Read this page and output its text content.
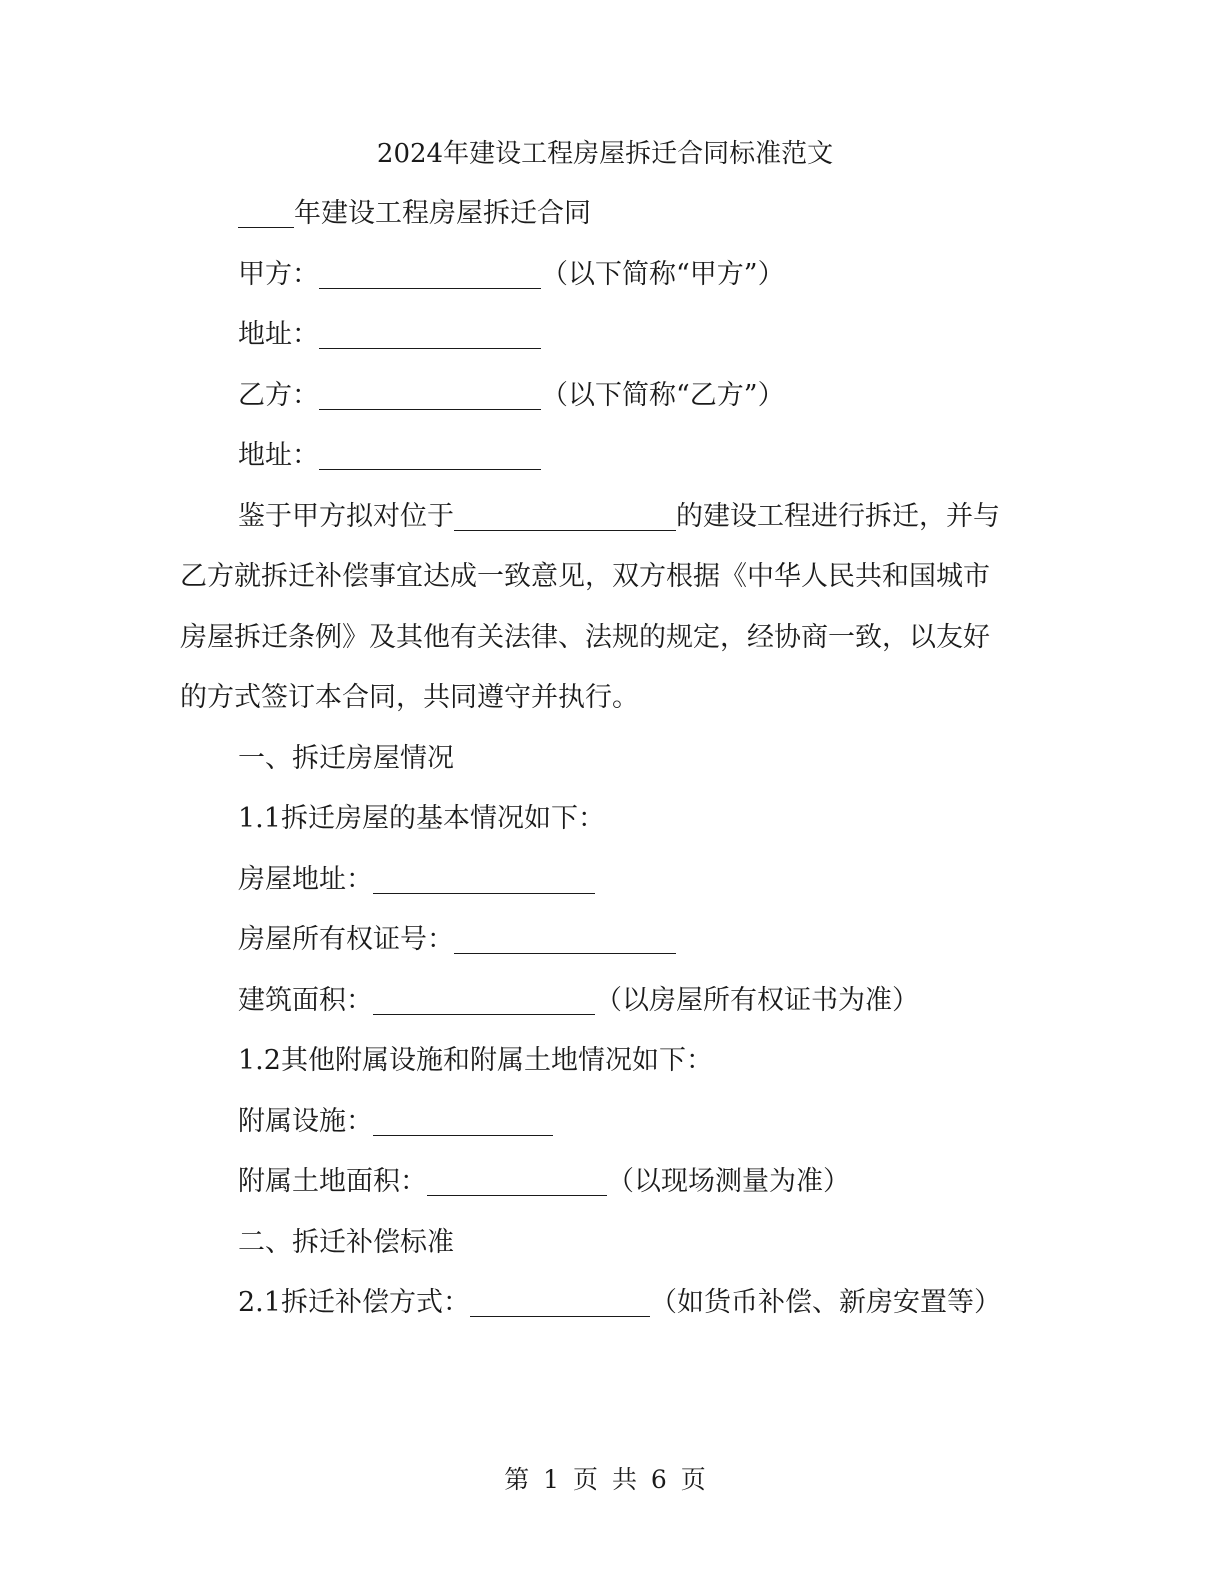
2024年建设工程房屋拆迁合同标准范文
年建设工程房屋拆迁合同
甲方：	（以下简称“甲方”）
地址：
乙方：	（以下简称“乙方”）
地址：
鉴于甲方拟对位于	的建设工程进行拆迁，并与
乙方就拆迁补偿事宜达成一致意见，双方根据《中华人民共和国城市
房屋拆迁条例》及其他有关法律、法规的规定，经协商一致，以友好
的方式签订本合同，共同遵守并执行。
一、拆迁房屋情况
1.1拆迁房屋的基本情况如下：
房屋地址：
房屋所有权证号：
建筑面积：	（以房屋所有权证书为准）
1.2其他附属设施和附属土地情况如下：
附属设施：
附属土地面积：	（以现场测量为准）
二、拆迁补偿标准
2.1拆迁补偿方式：	（如货币补偿、新房安置等）
第 1 页 共 6 页
